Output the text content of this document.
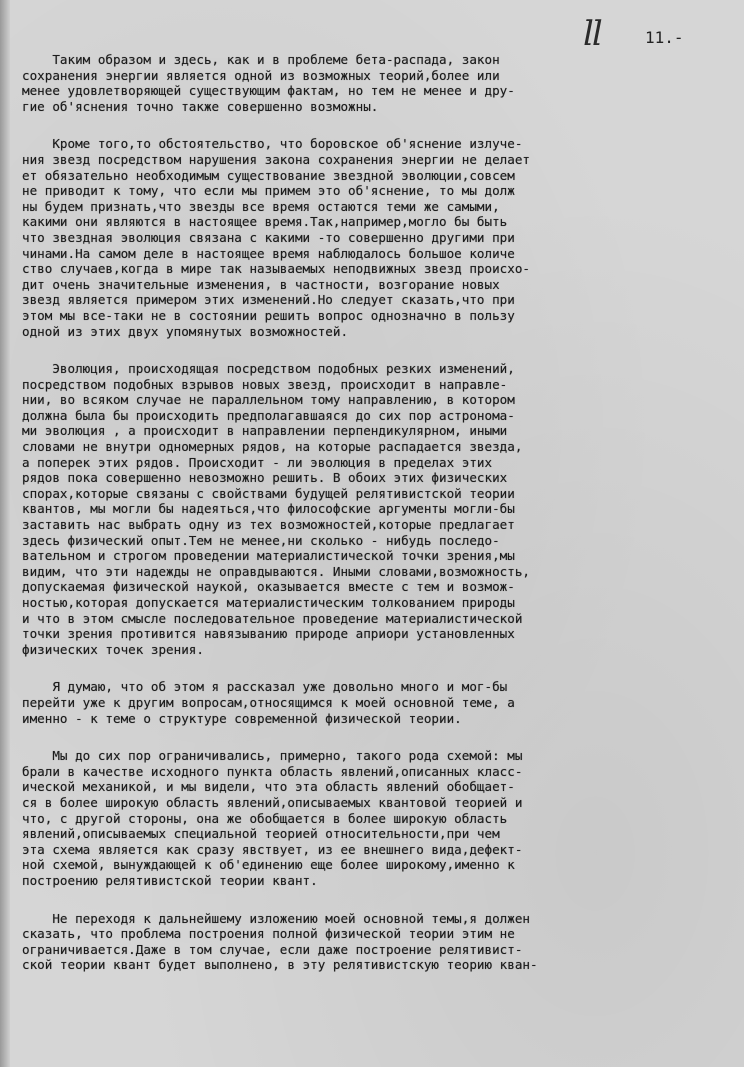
ll	11.-
Таким образом и здесь, как и в проблеме бета-распада, закон
сохранения энергии является одной из возможных теорий,более или
менее удовлетворяющей существующим фактам, но тем не менее и дру-
гие об'яснения точно также совершенно возможны.
Кроме того,то обстоятельство, что боровское об'яснение излуче-
ния звезд посредством нарушения закона сохранения энергии не делает
ет обязательно необходимым существование звездной эволюции,совсем
не приводит к тому, что если мы примем это об'яснение, то мы долж
ны будем признать,что звезды все время остаются теми же самыми,
какими они являются в настоящее время.Так,например,могло бы быть
что звездная эволюция связана с какими -то совершенно другими при
чинами.На самом деле в настоящее время наблюдалось большое количе
ство случаев,когда в мире так называемых неподвижных звезд происхо-
дит очень значительные изменения, в частности, возгорание новых
звезд является примером этих изменений.Но следует сказать,что при
этом мы все-таки не в состоянии решить вопрос однозначно в пользу
одной из этих двух упомянутых возможностей.
Эволюция, происходящая посредством подобных резких изменений,
посредством подобных взрывов новых звезд, происходит в направле-
нии, во всяком случае не параллельном тому направлению, в котором
должна была бы происходить предполагавшаяся до сих пор астронома-
ми эволюция , а происходит в направлении перпендикулярном, иными
словами не внутри одномерных рядов, на которые распадается звезда,
а поперек этих рядов. Происходит - ли эволюция в пределах этих
рядов пока совершенно невозможно решить. В обоих этих физических
спорах,которые связаны с свойствами будущей релятивистской теории
квантов, мы могли бы надеяться,что философские аргументы могли-бы
заставить нас выбрать одну из тех возможностей,которые предлагает
здесь физический опыт.Тем не менее,ни сколько - нибудь последо-
вательном и строгом проведении материалистической точки зрения,мы
видим, что эти надежды не оправдываются. Иными словами,возможность,
допускаемая физической наукой, оказывается вместе с тем и возмож-
ностью,которая допускается материалистическим толкованием природы
и что в этом смысле последовательное проведение материалистической
точки зрения противится навязыванию природе априори установленных
физических точек зрения.
Я думаю, что об этом я рассказал уже довольно много и мог-бы
перейти уже к другим вопросам,относящимся к моей основной теме, а
именно - к теме о структуре современной физической теории.
Мы до сих пор ограничивались, примерно, такого рода схемой: мы
брали в качестве исходного пункта область явлений,описанных класс-
ической механикой, и мы видели, что эта область явлений обобщает-
ся в более широкую область явлений,описываемых квантовой теорией и
что, с другой стороны, она же обобщается в более широкую область
явлений,описываемых специальной теорией относительности,при чем
эта схема является как сразу явствует, из ее внешнего вида,дефект-
ной схемой, вынуждающей к об'единению еще более широкому,именно к
построению релятивистской теории квант.
Не переходя к дальнейшему изложению моей основной темы,я должен
сказать, что проблема построения полной физической теории этим не
ограничивается.Даже в том случае, если даже построение релятивист-
ской теории квант будет выполнено, в эту релятивистскую теорию кван-
